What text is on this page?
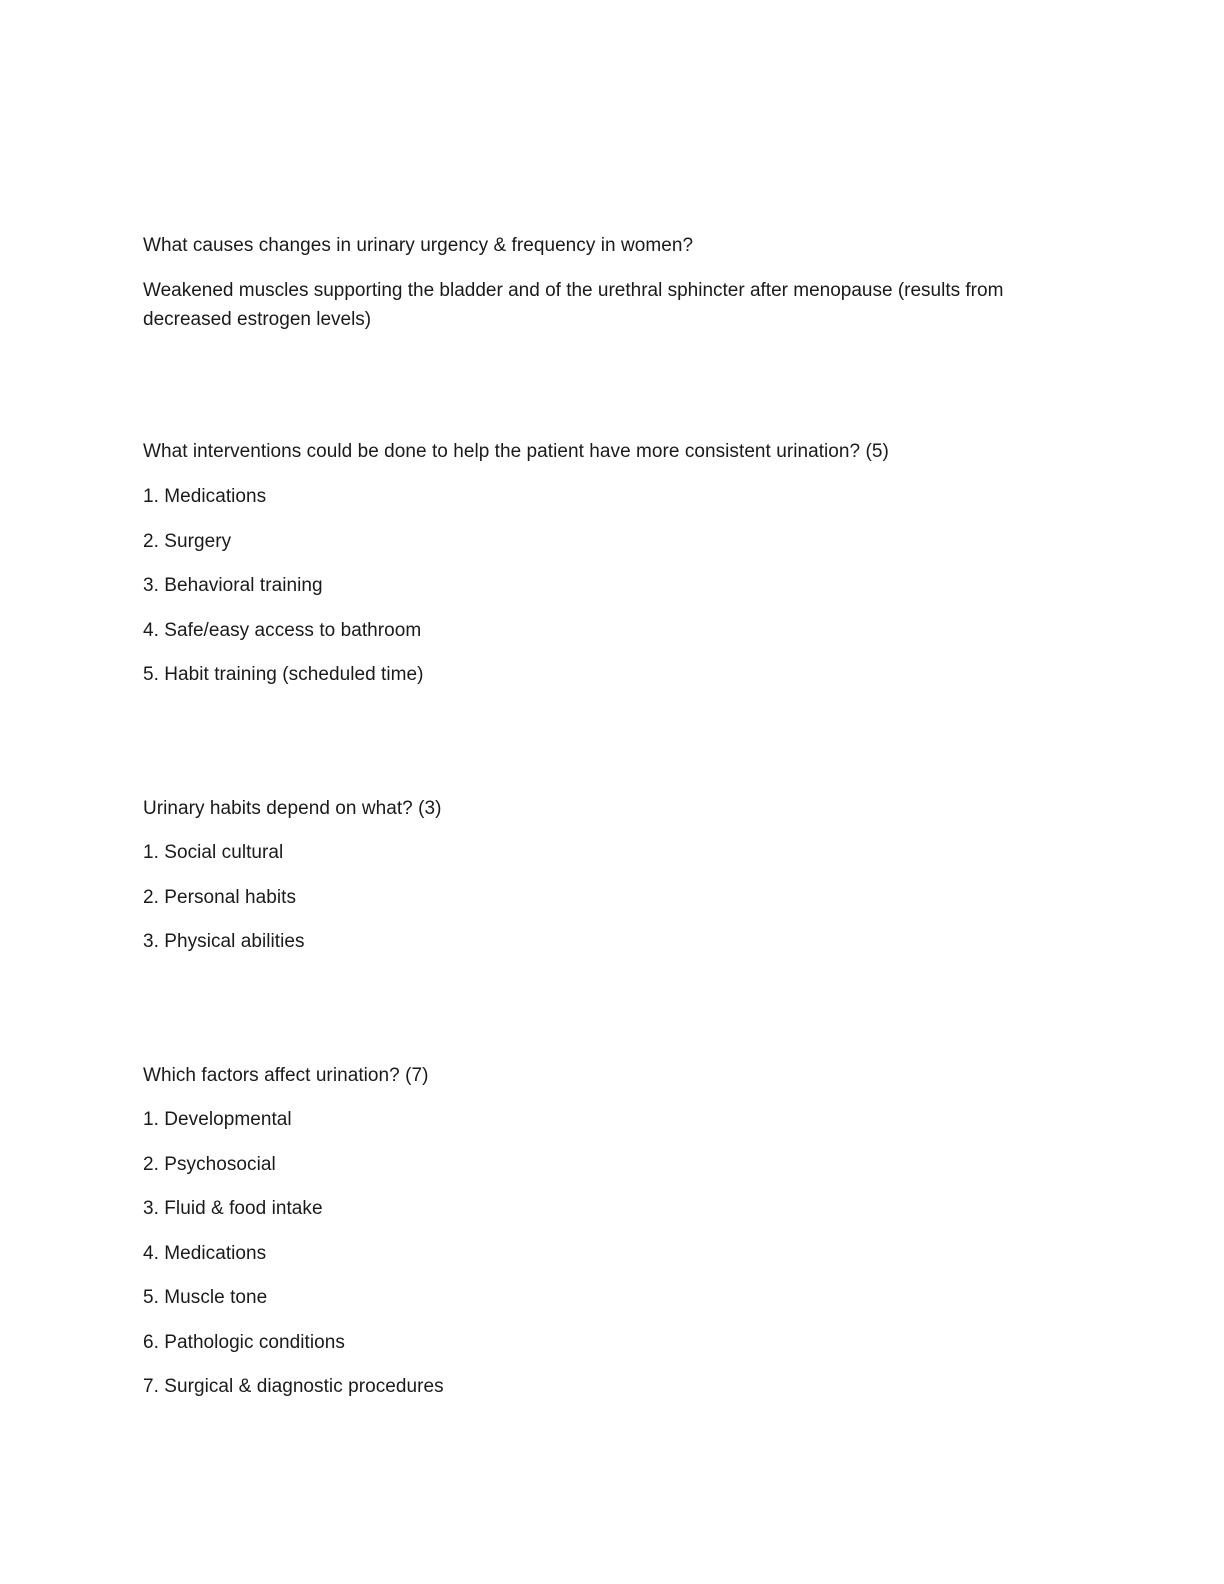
What causes changes in urinary urgency & frequency in women?
Weakened muscles supporting the bladder and of the urethral sphincter after menopause (results from decreased estrogen levels)
What interventions could be done to help the patient have more consistent urination? (5)
1. Medications
2. Surgery
3. Behavioral training
4. Safe/easy access to bathroom
5. Habit training (scheduled time)
Urinary habits depend on what? (3)
1. Social cultural
2. Personal habits
3. Physical abilities
Which factors affect urination? (7)
1. Developmental
2. Psychosocial
3. Fluid & food intake
4. Medications
5. Muscle tone
6. Pathologic conditions
7. Surgical & diagnostic procedures
